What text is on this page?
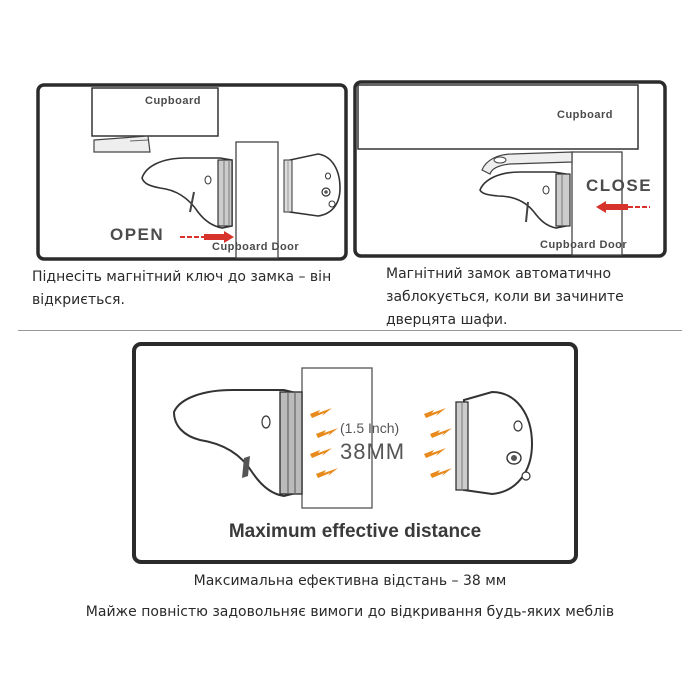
Cupboard
OPEN
Cupboard Door
Піднесіть магнітний ключ до замка – він відкриється.
Cupboard
CLOSE
Cupboard Door
Магнітний замок автоматично заблокується, коли ви зачините дверцята шафи.
(1.5 Inch)
38MM
Maximum effective distance
Максимальна ефективна відстань – 38 мм
Майже повністю задовольняє вимоги до відкривання будь-яких меблів
